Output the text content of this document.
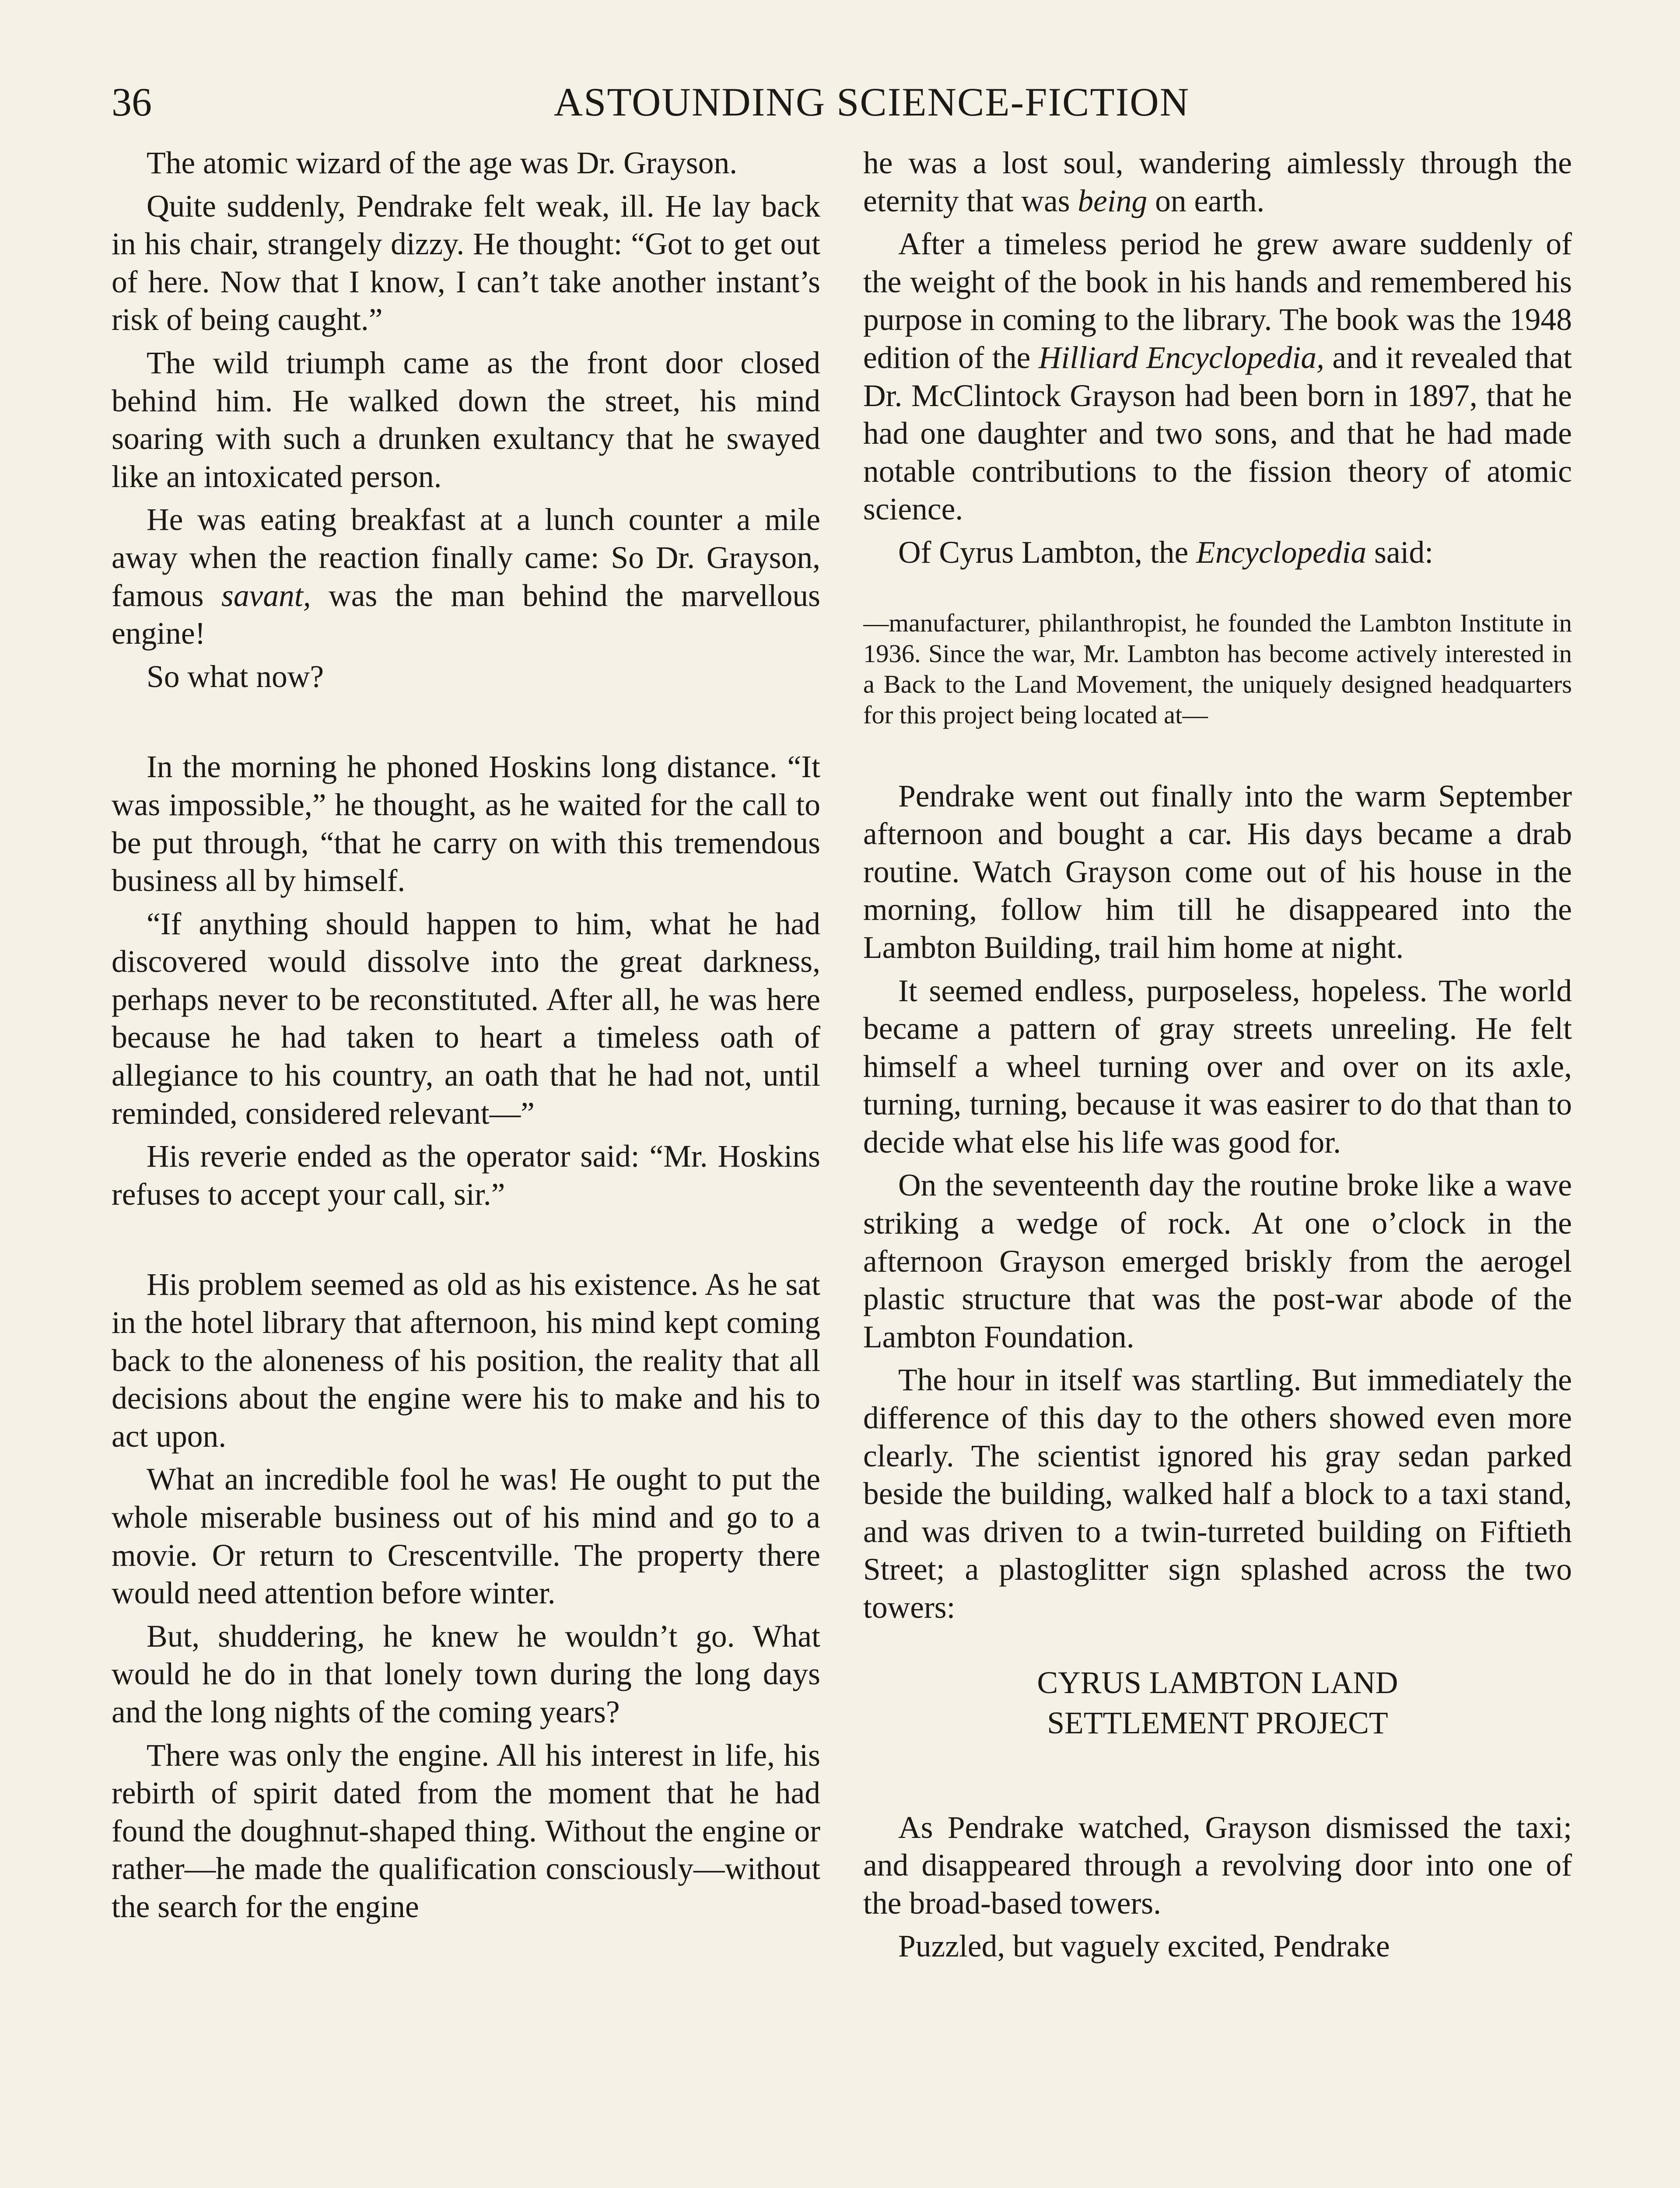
36	ASTOUNDING SCIENCE-FICTION

The atomic wizard of the age was Dr. Grayson.

Quite suddenly, Pendrake felt weak, ill. He lay back in his chair, strangely dizzy. He thought: “Got to get out of here. Now that I know, I can’t take another instant’s risk of being caught.”

The wild triumph came as the front door closed behind him. He walked down the street, his mind soaring with such a drunken exultancy that he swayed like an intoxicated person.

He was eating breakfast at a lunch counter a mile away when the reaction finally came: So Dr. Grayson, famous savant, was the man behind the marvellous engine!

So what now?

In the morning he phoned Hoskins long distance. “It was impossible,” he thought, as he waited for the call to be put through, “that he carry on with this tremendous business all by himself.

“If anything should happen to him, what he had discovered would dissolve into the great darkness, perhaps never to be reconstituted. After all, he was here because he had taken to heart a timeless oath of allegiance to his country, an oath that he had not, until reminded, considered relevant—”

His reverie ended as the operator said: “Mr. Hoskins refuses to accept your call, sir.”

His problem seemed as old as his existence. As he sat in the hotel library that afternoon, his mind kept coming back to the aloneness of his position, the reality that all decisions about the engine were his to make and his to act upon.

What an incredible fool he was! He ought to put the whole miserable business out of his mind and go to a movie. Or return to Crescentville. The property there would need attention before winter.

But, shuddering, he knew he wouldn’t go. What would he do in that lonely town during the long days and the long nights of the coming years?

There was only the engine. All his interest in life, his rebirth of spirit dated from the moment that he had found the doughnut-shaped thing. Without the engine or rather—he made the qualification consciously—without the search for the engine

he was a lost soul, wandering aimlessly through the eternity that was being on earth.

After a timeless period he grew aware suddenly of the weight of the book in his hands and remembered his purpose in coming to the library. The book was the 1948 edition of the Hilliard Encyclopedia, and it revealed that Dr. McClintock Grayson had been born in 1897, that he had one daughter and two sons, and that he had made notable contributions to the fission theory of atomic science.

Of Cyrus Lambton, the Encyclopedia said:

—manufacturer, philanthropist, he founded the Lambton Institute in 1936. Since the war, Mr. Lambton has become actively interested in a Back to the Land Movement, the uniquely designed headquarters for this project being located at—

Pendrake went out finally into the warm September afternoon and bought a car. His days became a drab routine. Watch Grayson come out of his house in the morning, follow him till he disappeared into the Lambton Building, trail him home at night.

It seemed endless, purposeless, hopeless. The world became a pattern of gray streets unreeling. He felt himself a wheel turning over and over on its axle, turning, turning, because it was easirer to do that than to decide what else his life was good for.

On the seventeenth day the routine broke like a wave striking a wedge of rock. At one o’clock in the afternoon Grayson emerged briskly from the aerogel plastic structure that was the post-war abode of the Lambton Foundation.

The hour in itself was startling. But immediately the difference of this day to the others showed even more clearly. The scientist ignored his gray sedan parked beside the building, walked half a block to a taxi stand, and was driven to a twin-turreted building on Fiftieth Street; a plastoglitter sign splashed across the two towers:

CYRUS LAMBTON LAND

SETTLEMENT PROJECT

As Pendrake watched, Grayson dismissed the taxi; and disappeared through a revolving door into one of the broad-based towers.

Puzzled, but vaguely excited, Pendrake
